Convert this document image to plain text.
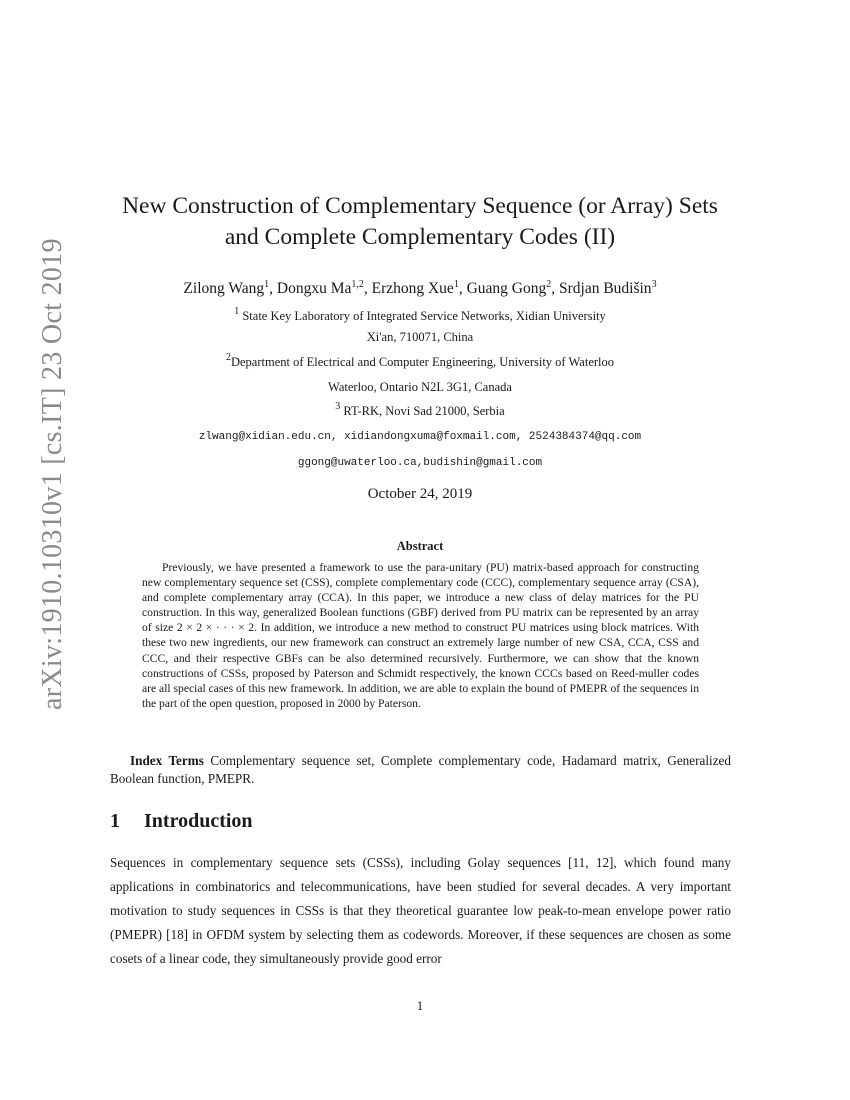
arXiv:1910.10310v1 [cs.IT] 23 Oct 2019
New Construction of Complementary Sequence (or Array) Sets
and Complete Complementary Codes (II)
Zilong Wang$^1$, Dongxu Ma$^{1,2}$, Erzhong Xue$^1$, Guang Gong$^2$, Srdjan Budišin$^3$
$^1$ State Key Laboratory of Integrated Service Networks, Xidian University
Xi'an, 710071, China
$^2$Department of Electrical and Computer Engineering, University of Waterloo
Waterloo, Ontario N2L 3G1, Canada
$^3$ RT-RK, Novi Sad 21000, Serbia
zlwang@xidian.edu.cn, xidiandongxuma@foxmail.com, 2524384374@qq.com
ggong@uwaterloo.ca,budishin@gmail.com
October 24, 2019
Abstract

Previously, we have presented a framework to use the para-unitary (PU) matrix-based approach for constructing new complementary sequence set (CSS), complete complementary code (CCC), complementary sequence array (CSA), and complete complementary array (CCA). In this paper, we introduce a new class of delay matrices for the PU construction. In this way, generalized Boolean functions (GBF) derived from PU matrix can be represented by an array of size 2 × 2 × · · · × 2. In addition, we introduce a new method to construct PU matrices using block matrices. With these two new ingredients, our new framework can construct an extremely large number of new CSA, CCA, CSS and CCC, and their respective GBFs can be also determined recursively. Furthermore, we can show that the known constructions of CSSs, proposed by Paterson and Schmidt respectively, the known CCCs based on Reed-muller codes are all special cases of this new framework. In addition, we are able to explain the bound of PMEPR of the sequences in the part of the open question, proposed in 2000 by Paterson.

Index Terms Complementary sequence set, Complete complementary code, Hadamard matrix, Generalized Boolean function, PMEPR.

1 Introduction

Sequences in complementary sequence sets (CSSs), including Golay sequences [11, 12], which found many applications in combinatorics and telecommunications, have been studied for several decades. A very important motivation to study sequences in CSSs is that they theoretical guarantee low peak-to-mean envelope power ratio (PMEPR) [18] in OFDM system by selecting them as codewords. Moreover, if these sequences are chosen as some cosets of a linear code, they simultaneously provide good error

1
